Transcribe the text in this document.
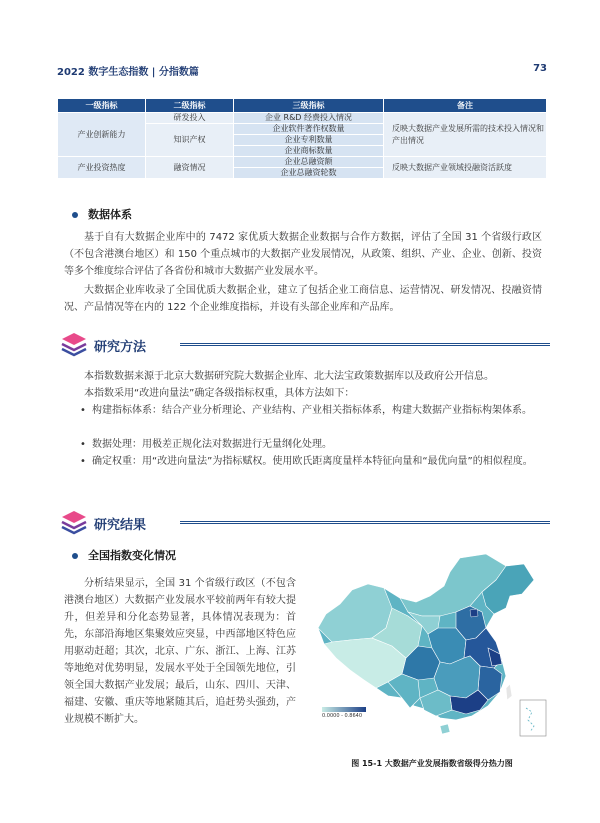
2022 数字生态指数 | 分指数篇	73
一级指标	二级指标	三级指标	备注
产业创新能力	研发投入	企业 R&D 经费投入情况	反映大数据产业发展所需的技术投入情况和产出情况
	知识产权	企业软件著作权数量	
		企业专利数量	
		企业商标数量	
产业投资热度	融资情况	企业总融资额	反映大数据产业领域投融资活跃度
		企业总融资轮数	
数据体系
基于自有大数据企业库中的 7472 家优质大数据企业数据与合作方数据，评估了全国 31 个省级行政区（不包含港澳台地区）和 150 个重点城市的大数据产业发展情况，从政策、组织、产业、企业、创新、投资等多个维度综合评估了各省份和城市大数据产业发展水平。
大数据企业库收录了全国优质大数据企业，建立了包括企业工商信息、运营情况、研发情况、投融资情况、产品情况等在内的 122 个企业维度指标，并设有头部企业库和产品库。
研究方法
本指数数据来源于北京大数据研究院大数据企业库、北大法宝政策数据库以及政府公开信息。
本指数采用“改进向量法”确定各级指标权重，具体方法如下：
• 构建指标体系：结合产业分析理论、产业结构、产业相关指标体系，构建大数据产业指标构架体系。
• 数据处理：用极差正规化法对数据进行无量纲化处理。
• 确定权重：用“改进向量法”为指标赋权。使用欧氏距离度量样本特征向量和“最优向量”的相似程度。
研究结果
全国指数变化情况
分析结果显示，全国 31 个省级行政区（不包含港澳台地区）大数据产业发展水平较前两年有较大提升，但差异和分化态势显著，具体情况表现为：首先，东部沿海地区集聚效应突显，中西部地区特色应用驱动赶超；其次，北京、广东、浙江、上海、江苏等地绝对优势明显，发展水平处于全国领先地位，引领全国大数据产业发展；最后，山东、四川、天津、福建、安徽、重庆等地紧随其后，追赶势头强劲，产业规模不断扩大。	0.0000 - 0.8640
图 15-1 大数据产业发展指数省级得分热力图
